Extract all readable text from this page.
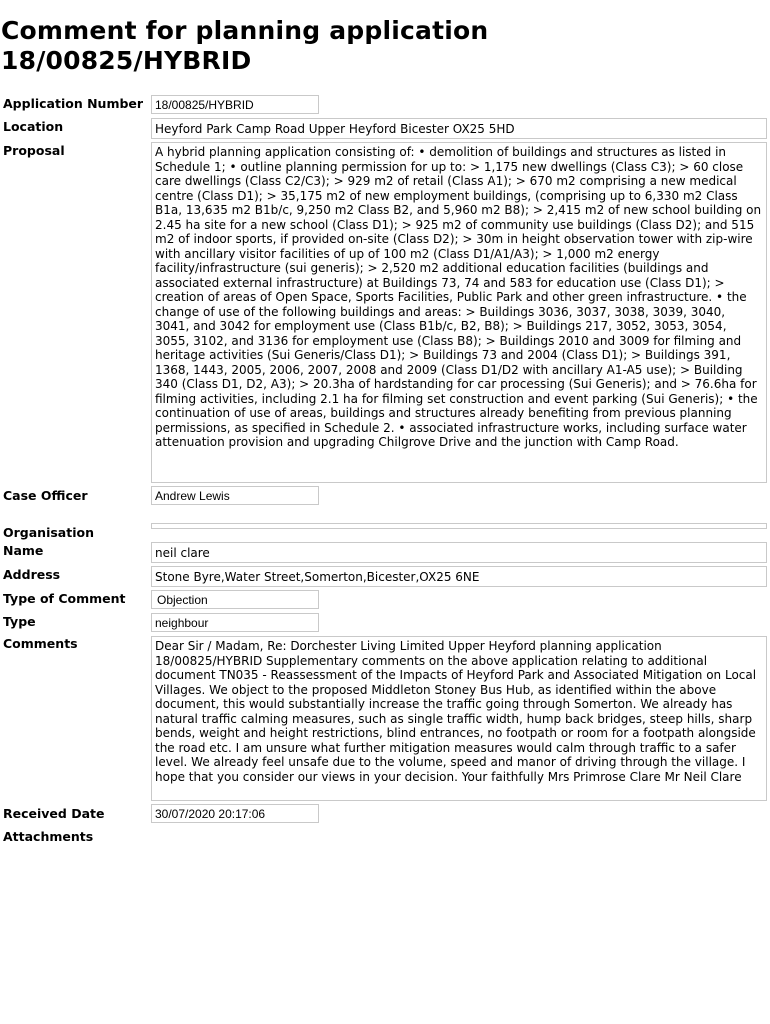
Comment for planning application
18/00825/HYBRID
Application Number 18/00825/HYBRID
Location	Heyford Park Camp Road Upper Heyford Bicester OX25 5HD
Proposal	A hybrid planning application consisting of: • demolition of buildings and structures as listed in Schedule 1; • outline planning permission for up to: > 1,175 new dwellings (Class C3); > 60 close care dwellings (Class C2/C3); > 929 m2 of retail (Class A1); > 670 m2 comprising a new medical centre (Class D1); > 35,175 m2 of new employment buildings, (comprising up to 6,330 m2 Class B1a, 13,635 m2 B1b/c, 9,250 m2 Class B2, and 5,960 m2 B8); > 2,415 m2 of new school building on 2.45 ha site for a new school (Class D1); > 925 m2 of community use buildings (Class D2); and 515 m2 of indoor sports, if provided on-site (Class D2); > 30m in height observation tower with zip-wire with ancillary visitor facilities of up of 100 m2 (Class D1/A1/A3); > 1,000 m2 energy facility/infrastructure (sui generis); > 2,520 m2 additional education facilities (buildings and associated external infrastructure) at Buildings 73, 74 and 583 for education use (Class D1); > creation of areas of Open Space, Sports Facilities, Public Park and other green infrastructure. • the change of use of the following buildings and areas: > Buildings 3036, 3037, 3038, 3039, 3040, 3041, and 3042 for employment use (Class B1b/c, B2, B8); > Buildings 217, 3052, 3053, 3054, 3055, 3102, and 3136 for employment use (Class B8); > Buildings 2010 and 3009 for filming and heritage activities (Sui Generis/Class D1); > Buildings 73 and 2004 (Class D1); > Buildings 391, 1368, 1443, 2005, 2006, 2007, 2008 and 2009 (Class D1/D2 with ancillary A1-A5 use); > Building 340 (Class D1, D2, A3); > 20.3ha of hardstanding for car processing (Sui Generis); and > 76.6ha for filming activities, including 2.1 ha for filming set construction and event parking (Sui Generis); • the continuation of use of areas, buildings and structures already benefiting from previous planning permissions, as specified in Schedule 2. • associated infrastructure works, including surface water attenuation provision and upgrading Chilgrove Drive and the junction with Camp Road.
Case Officer	Andrew Lewis
Organisation
Name	neil clare
Address	Stone Byre,Water Street,Somerton,Bicester,OX25 6NE
Type of Comment	Objection
Type	neighbour
Comments	Dear Sir / Madam, Re: Dorchester Living Limited Upper Heyford planning application 18/00825/HYBRID Supplementary comments on the above application relating to additional document TN035 - Reassessment of the Impacts of Heyford Park and Associated Mitigation on Local Villages. We object to the proposed Middleton Stoney Bus Hub, as identified within the above document, this would substantially increase the traffic going through Somerton. We already has natural traffic calming measures, such as single traffic width, hump back bridges, steep hills, sharp bends, weight and height restrictions, blind entrances, no footpath or room for a footpath alongside the road etc. I am unsure what further mitigation measures would calm through traffic to a safer level. We already feel unsafe due to the volume, speed and manor of driving through the village. I hope that you consider our views in your decision. Your faithfully Mrs Primrose Clare Mr Neil Clare
Received Date	30/07/2020 20:17:06
Attachments
